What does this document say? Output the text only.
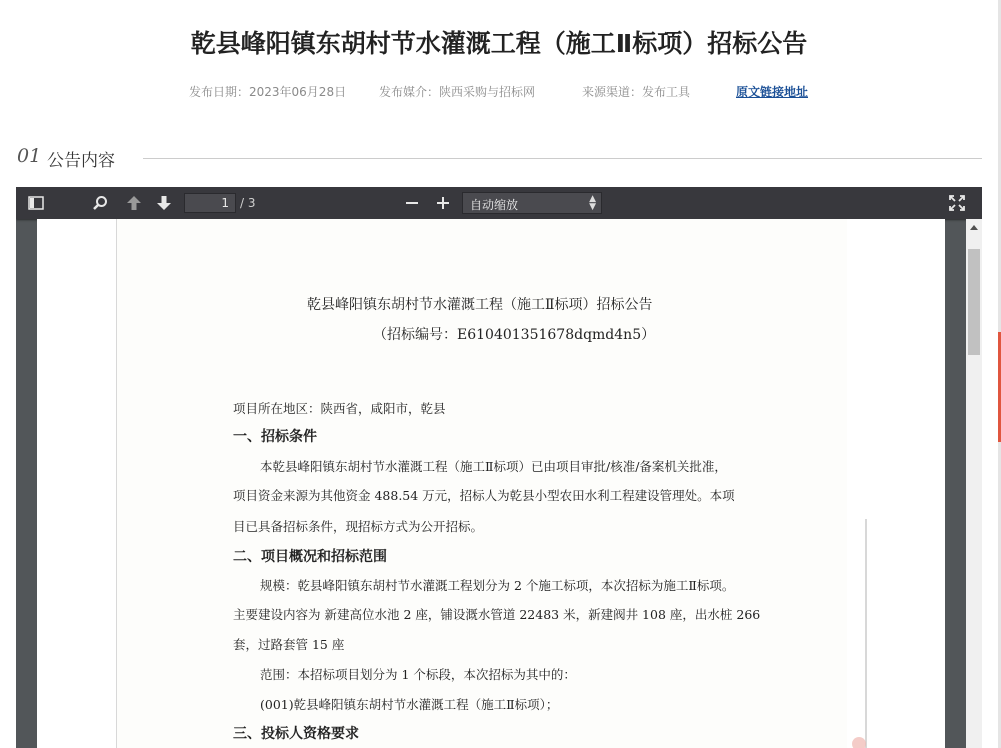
乾县峰阳镇东胡村节水灌溉工程（施工Ⅱ标项）招标公告
发布日期：2023年06月28日	发布媒介：陕西采购与招标网	来源渠道：发布工具	原文链接地址
01 公告内容
1
/ 3	自动缩放	▲
▼
乾县峰阳镇东胡村节水灌溉工程（施工Ⅱ标项）招标公告
（招标编号：E610401351678dqmd4n5）
项目所在地区：陕西省，咸阳市，乾县
一、招标条件
本乾县峰阳镇东胡村节水灌溉工程（施工Ⅱ标项）已由项目审批/核准/备案机关批准，
项目资金来源为其他资金 488.54 万元，招标人为乾县小型农田水利工程建设管理处。本项
目已具备招标条件，现招标方式为公开招标。
二、项目概况和招标范围
规模：乾县峰阳镇东胡村节水灌溉工程划分为 2 个施工标项，本次招标为施工Ⅱ标项。
主要建设内容为 新建高位水池 2 座，铺设溉水管道 22483 米，新建阀井 108 座，出水桩 266
套，过路套管 15 座
范围：本招标项目划分为 1 个标段，本次招标为其中的：
(001)乾县峰阳镇东胡村节水灌溉工程（施工Ⅱ标项）；
三、投标人资格要求
